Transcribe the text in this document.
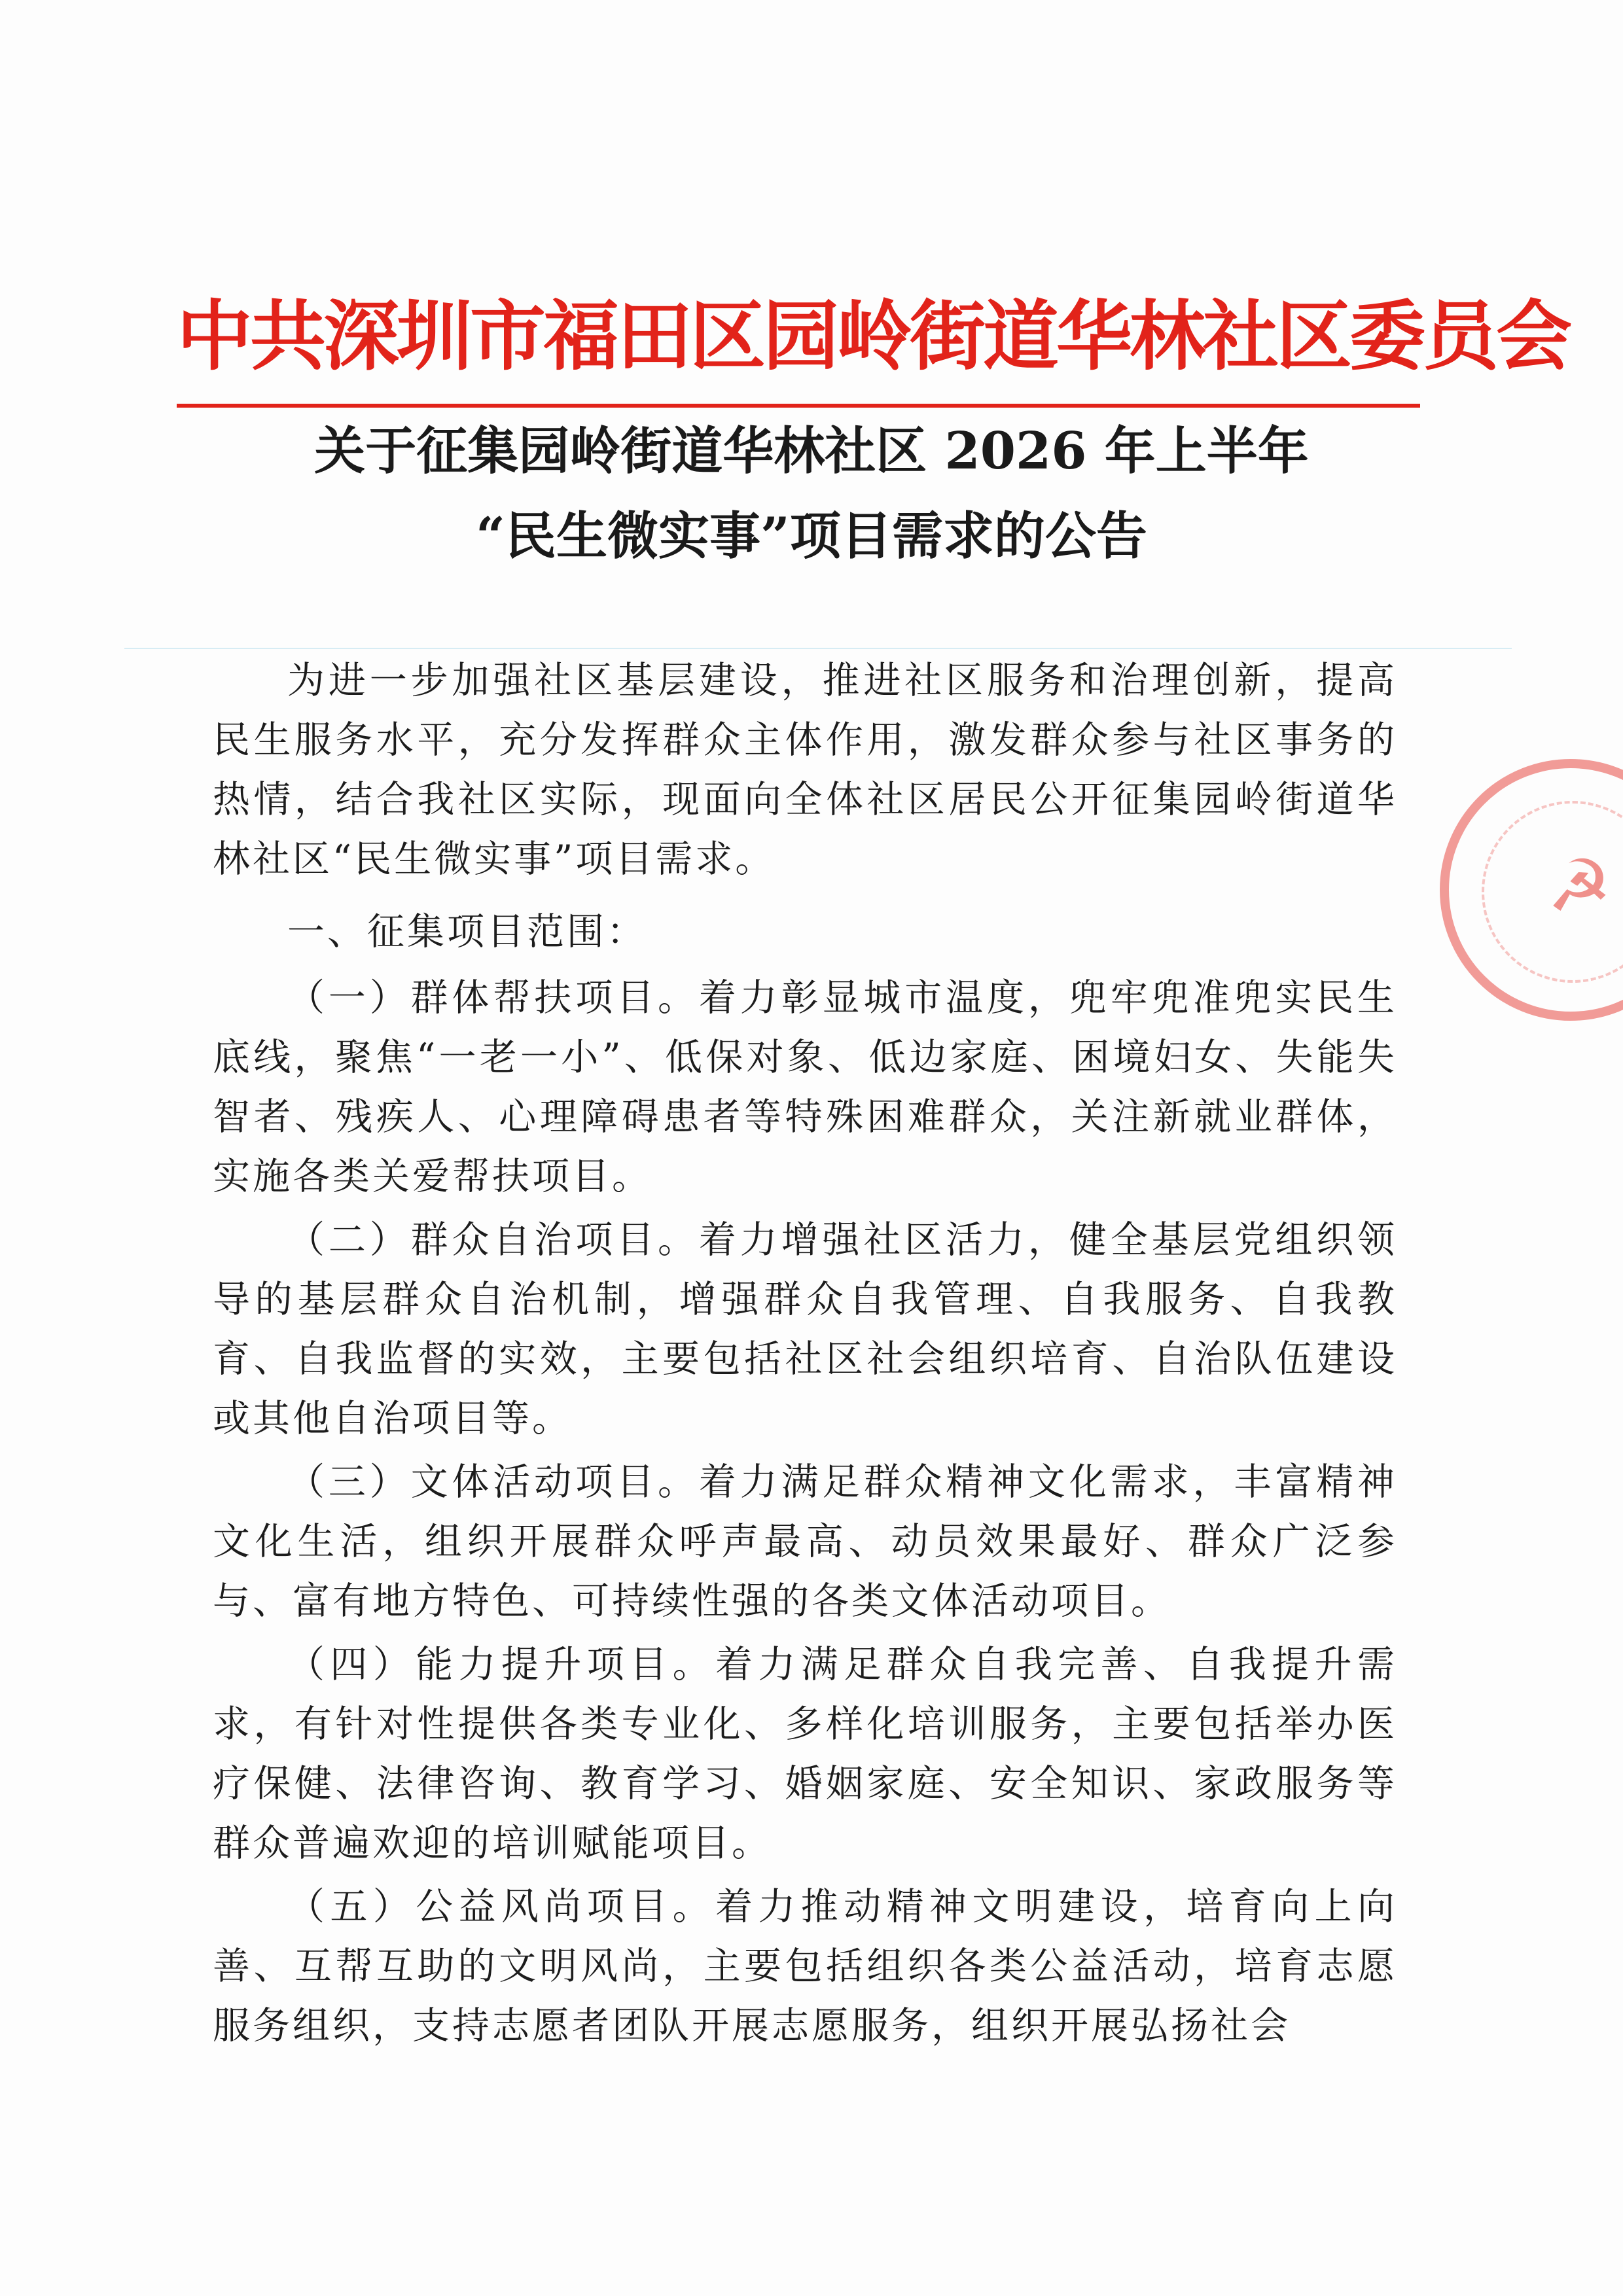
中共深圳市福田区园岭街道华林社区委员会
关于征集园岭街道华林社区 2026 年上半年
“民生微实事”项目需求的公告
☭

为进一步加强社区基层建设，推进社区服务和治理创新，提高民生服务水平，充分发挥群众主体作用，激发群众参与社区事务的热情，结合我社区实际，现面向全体社区居民公开征集园岭街道华林社区“民生微实事”项目需求。

一、征集项目范围：

（一）群体帮扶项目。着力彰显城市温度，兜牢兜准兜实民生底线，聚焦“一老一小”、低保对象、低边家庭、困境妇女、失能失智者、残疾人、心理障碍患者等特殊困难群众，关注新就业群体，实施各类关爱帮扶项目。

（二）群众自治项目。着力增强社区活力，健全基层党组织领导的基层群众自治机制，增强群众自我管理、自我服务、自我教育、自我监督的实效，主要包括社区社会组织培育、自治队伍建设或其他自治项目等。

（三）文体活动项目。着力满足群众精神文化需求，丰富精神文化生活，组织开展群众呼声最高、动员效果最好、群众广泛参与、富有地方特色、可持续性强的各类文体活动项目。

（四）能力提升项目。着力满足群众自我完善、自我提升需求，有针对性提供各类专业化、多样化培训服务，主要包括举办医疗保健、法律咨询、教育学习、婚姻家庭、安全知识、家政服务等群众普遍欢迎的培训赋能项目。

（五）公益风尚项目。着力推动精神文明建设，培育向上向善、互帮互助的文明风尚，主要包括组织各类公益活动，培育志愿服务组织，支持志愿者团队开展志愿服务，组织开展弘扬社会
